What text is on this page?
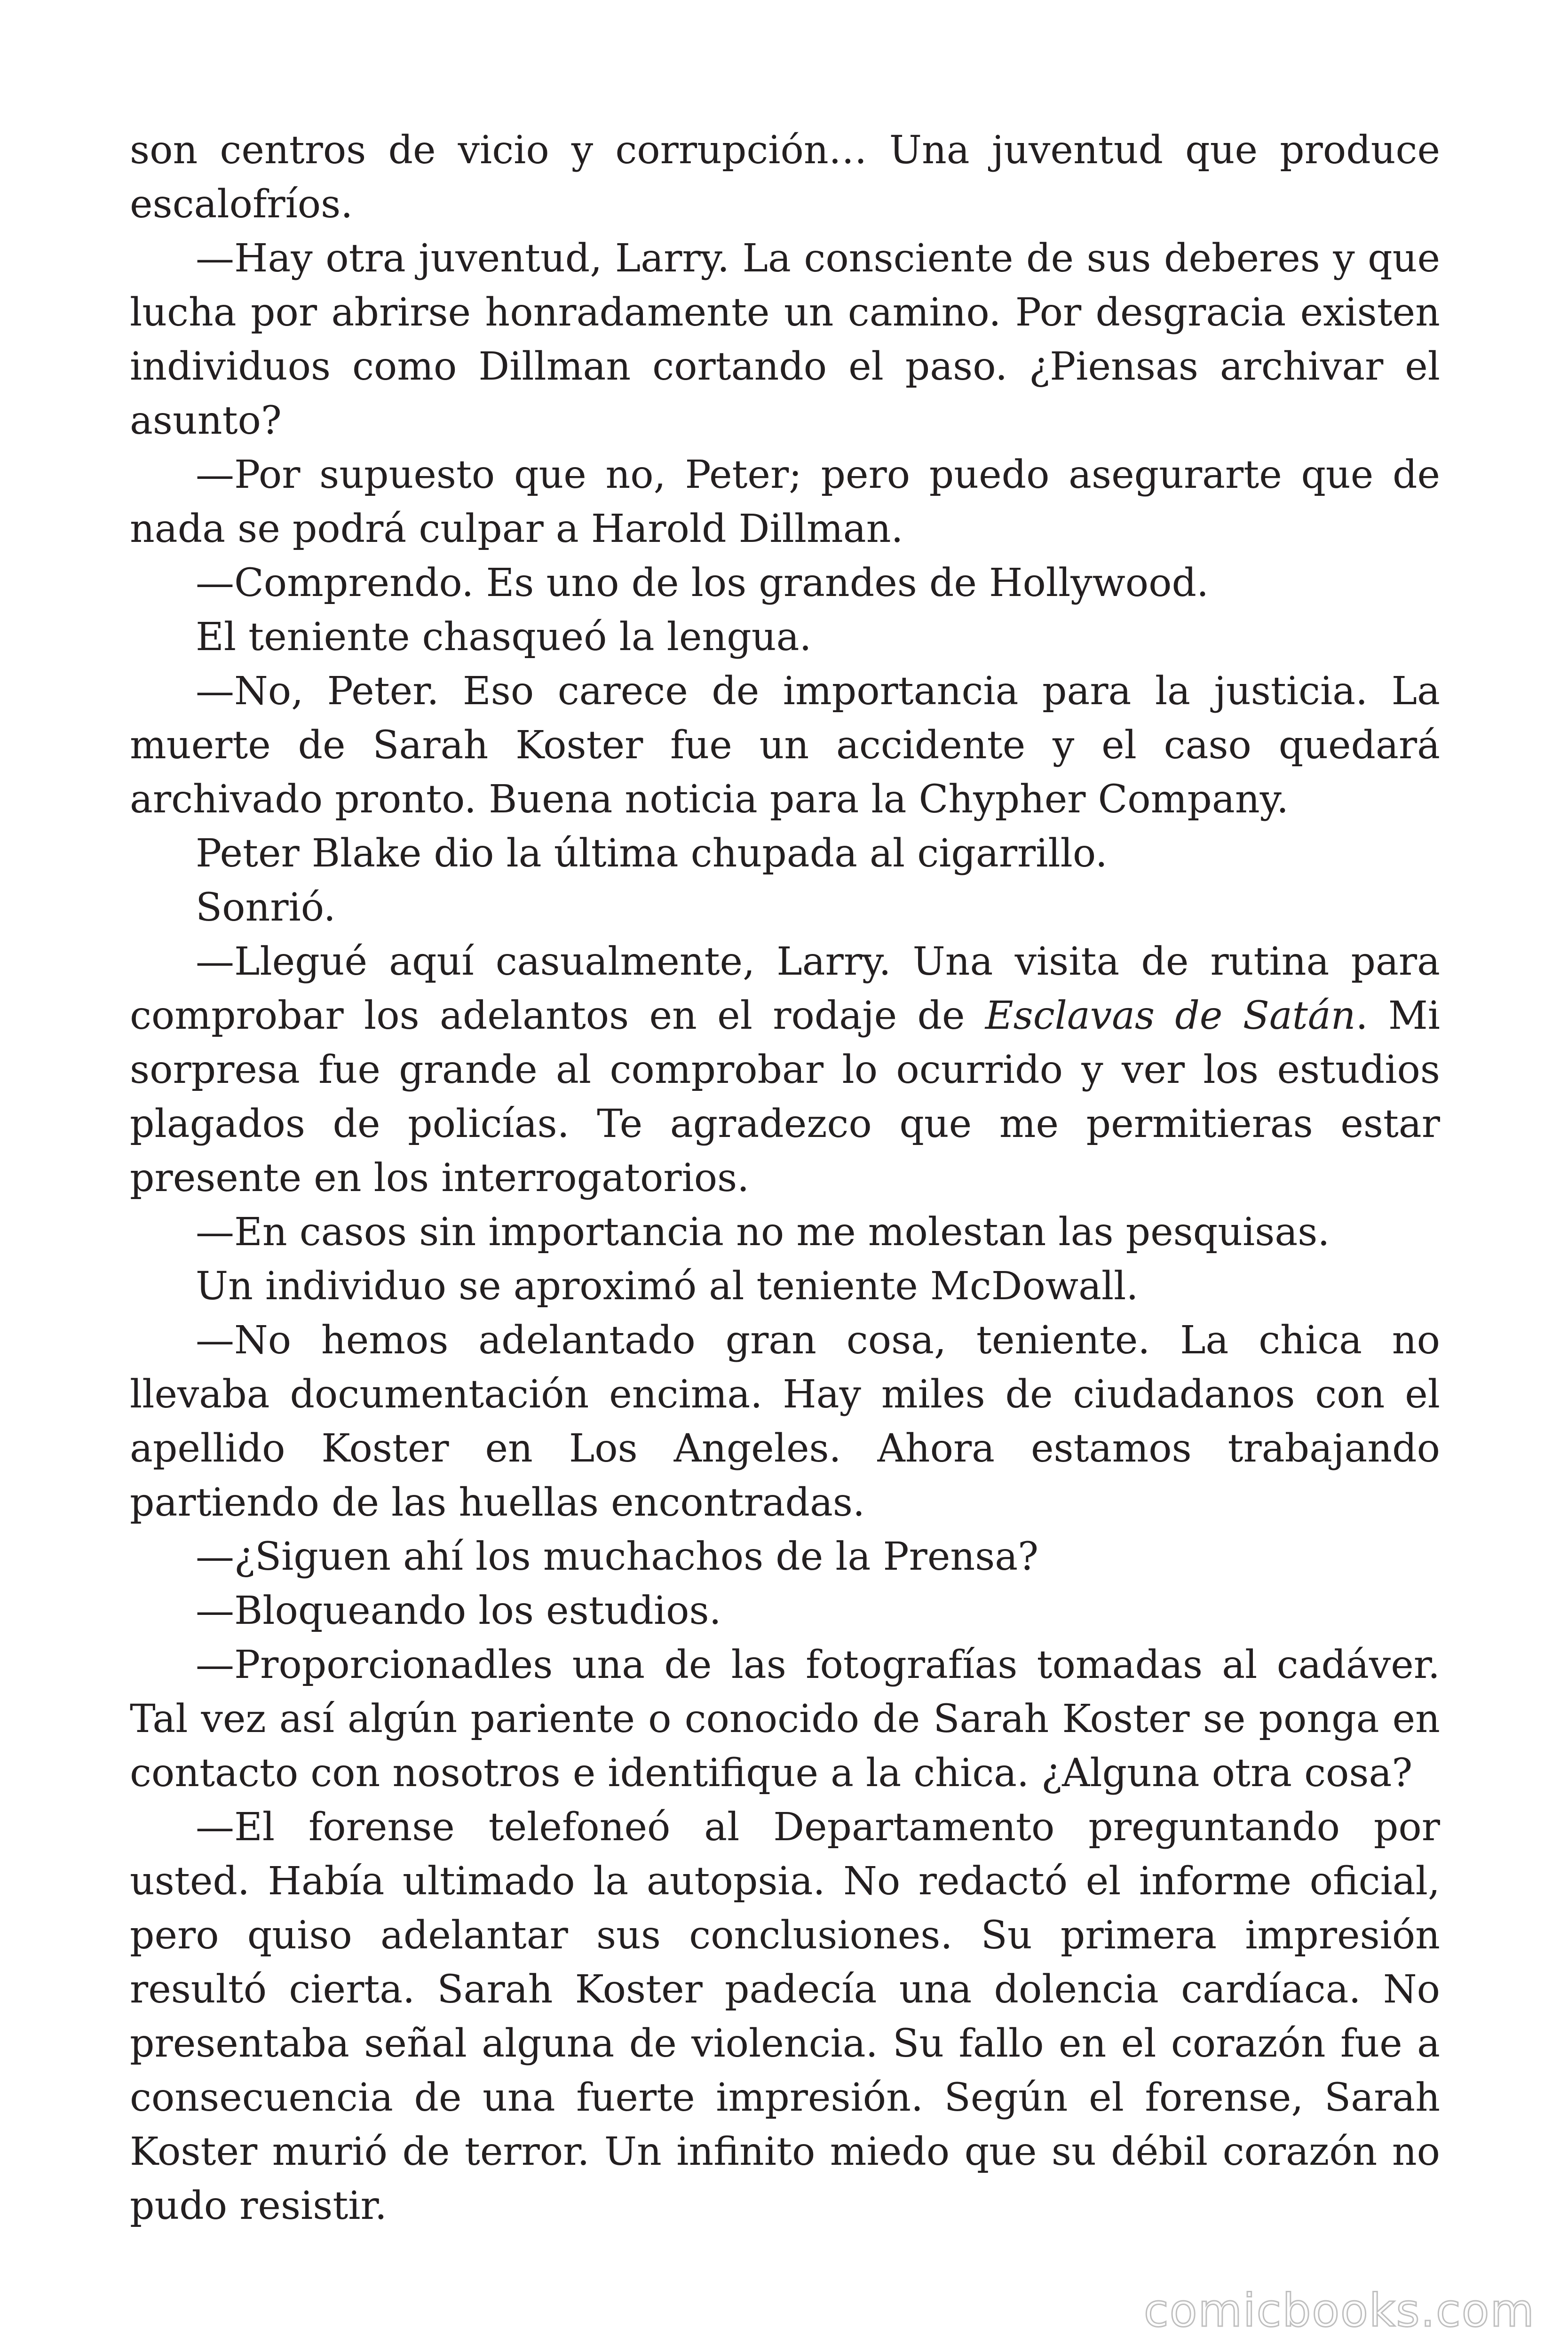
son centros de vicio y corrupción… Una juventud que produce escalofríos.

—Hay otra juventud, Larry. La consciente de sus deberes y que lucha por abrirse honradamente un camino. Por desgracia existen individuos como Dillman cortando el paso. ¿Piensas archivar el asunto?

—Por supuesto que no, Peter; pero puedo asegurarte que de nada se podrá culpar a Harold Dillman.

—Comprendo. Es uno de los grandes de Hollywood.

El teniente chasqueó la lengua.

—No, Peter. Eso carece de importancia para la justicia. La muerte de Sarah Koster fue un accidente y el caso quedará archivado pronto. Buena noticia para la Chypher Company.

Peter Blake dio la última chupada al cigarrillo.

Sonrió.

—Llegué aquí casualmente, Larry. Una visita de rutina para comprobar los adelantos en el rodaje de Esclavas de Satán. Mi sorpresa fue grande al comprobar lo ocurrido y ver los estudios plagados de policías. Te agradezco que me permitieras estar presente en los interrogatorios.

—En casos sin importancia no me molestan las pesquisas.

Un individuo se aproximó al teniente McDowall.

—No hemos adelantado gran cosa, teniente. La chica no llevaba documentación encima. Hay miles de ciudadanos con el apellido Koster en Los Angeles. Ahora estamos trabajando partiendo de las huellas encontradas.

—¿Siguen ahí los muchachos de la Prensa?

—Bloqueando los estudios.

—Proporcionadles una de las fotografías tomadas al cadáver. Tal vez así algún pariente o conocido de Sarah Koster se ponga en contacto con nosotros e identifique a la chica. ¿Alguna otra cosa?

—El forense telefoneó al Departamento preguntando por usted. Había ultimado la autopsia. No redactó el informe oficial, pero quiso adelantar sus conclusiones. Su primera impresión resultó cierta. Sarah Koster padecía una dolencia cardíaca. No presentaba señal alguna de violencia. Su fallo en el corazón fue a consecuencia de una fuerte impresión. Según el forense, Sarah Koster murió de terror. Un infinito miedo que su débil corazón no pudo resistir.

comicbooks.com
